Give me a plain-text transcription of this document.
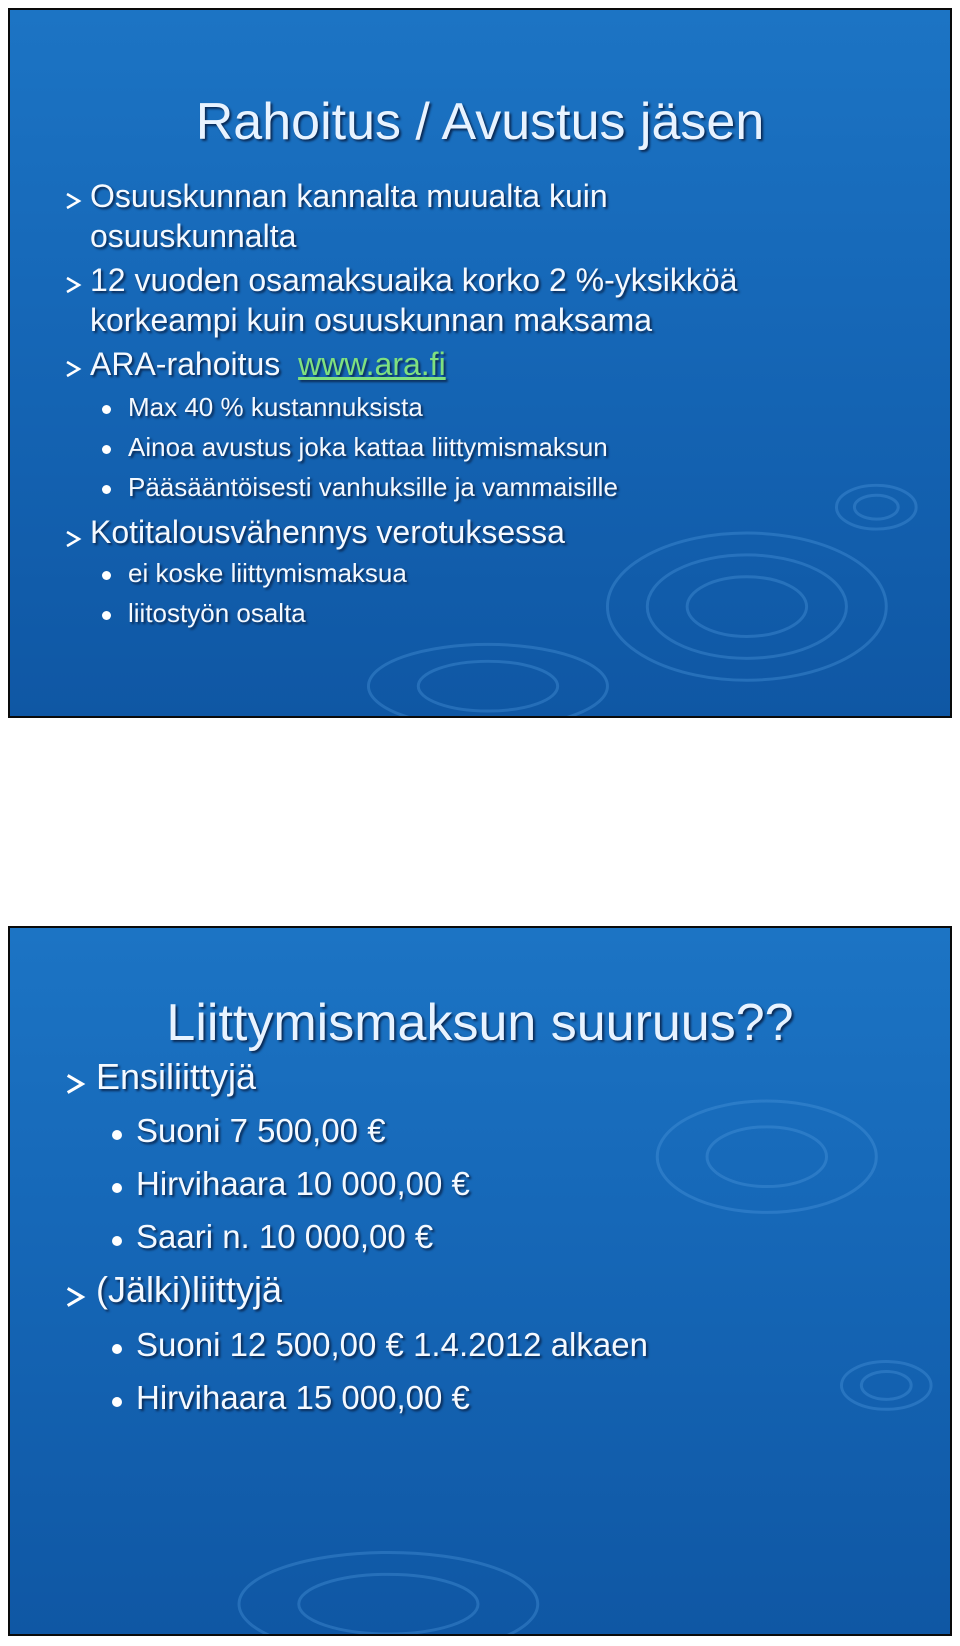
Rahoitus / Avustus jäsen
Osuuskunnan kannalta muualta kuin
osuuskunnalta
12 vuoden osamaksuaika korko 2 %-yksikköä
korkeampi kuin osuuskunnan maksama
ARA-rahoitus www.ara.fi
Max 40 % kustannuksista
Ainoa avustus joka kattaa liittymismaksun
Pääsääntöisesti vanhuksille ja vammaisille
Kotitalousvähennys verotuksessa
ei koske liittymismaksua
liitostyön osalta
Liittymismaksun suuruus??
Ensiliittyjä
Suoni 7 500,00 €
Hirvihaara 10 000,00 €
Saari n. 10 000,00 €
(Jälki)liittyjä
Suoni 12 500,00 € 1.4.2012 alkaen
Hirvihaara 15 000,00 €
